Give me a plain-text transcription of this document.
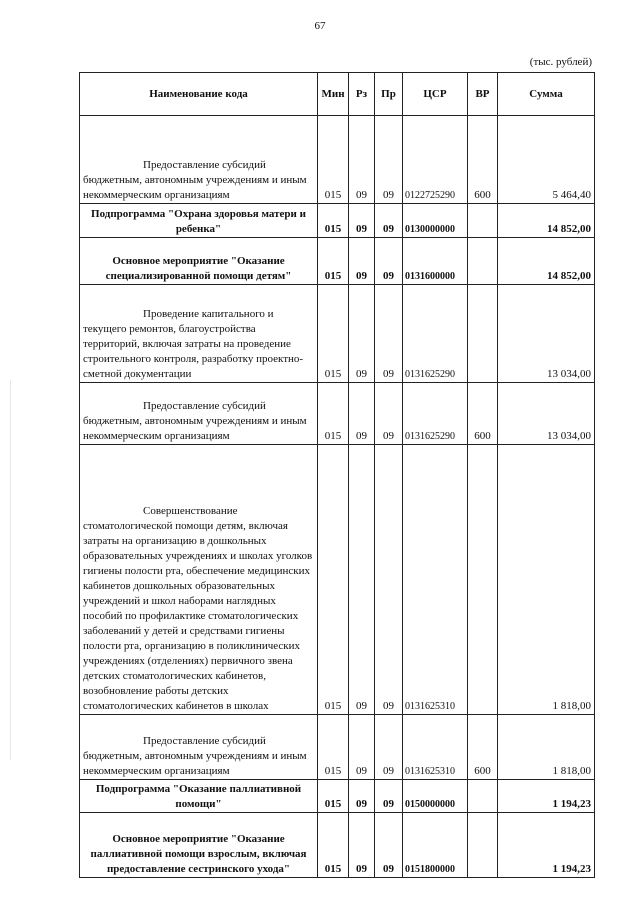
67
(тыс. рублей)
Наименование кода	Мин	Рз	Пр	ЦСР	ВР	Сумма

Предоставление субсидий бюджетным, автономным учреждениям и иным некоммерческим организациям	015	09	09	0122725290	600	5 464,40
Подпрограмма "Охрана здоровья матери и ребенка"	015	09	09	0130000000		14 852,00
Основное мероприятие "Оказание специализированной помощи детям"	015	09	09	0131600000		14 852,00

Проведение капитального и текущего ремонтов, благоустройства территорий, включая затраты на проведение строительного контроля, разработку проектно-сметной документации	015	09	09	0131625290		13 034,00

Предоставление субсидий бюджетным, автономным учреждениям и иным некоммерческим организациям	015	09	09	0131625290	600	13 034,00

Совершенствование стоматологической помощи детям, включая затраты на организацию в дошкольных образовательных учреждениях и школах уголков гигиены полости рта, обеспечение медицинских кабинетов дошкольных образовательных учреждений и школ наборами наглядных пособий по профилактике стоматологических заболеваний у детей и средствами гигиены полости рта, организацию в поликлинических учреждениях (отделениях) первичного звена детских стоматологических кабинетов, возобновление работы детских стоматологических кабинетов в школах	015	09	09	0131625310		1 818,00

Предоставление субсидий бюджетным, автономным учреждениям и иным некоммерческим организациям	015	09	09	0131625310	600	1 818,00
Подпрограмма "Оказание паллиативной помощи"	015	09	09	0150000000		1 194,23
Основное мероприятие "Оказание паллиативной помощи взрослым, включая предоставление сестринского ухода"	015	09	09	0151800000		1 194,23
